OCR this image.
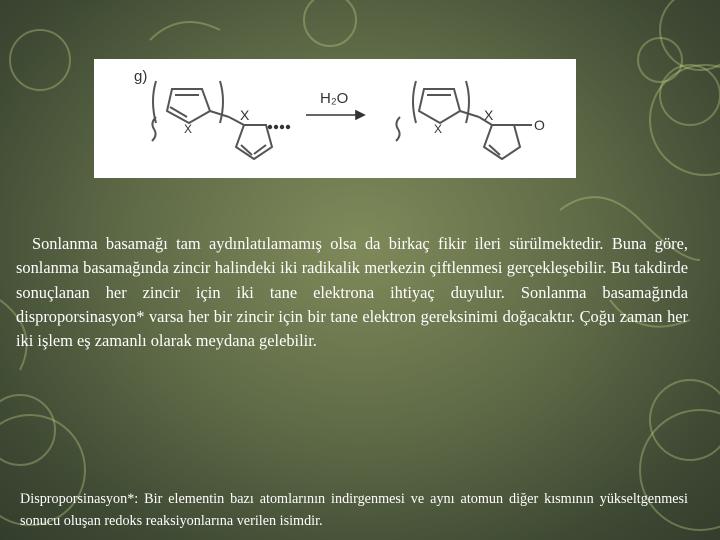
g)
X
X
H₂O
X
X	O

Sonlanma basamağı tam aydınlatılamamış olsa da birkaç fikir ileri sürülmektedir. Buna göre, sonlanma basamağında zincir halindeki iki radikalik merkezin çiftlenmesi gerçekleşebilir. Bu takdirde sonuçlanan her zincir için iki tane elektrona ihtiyaç duyulur. Sonlanma basamağında disproporsinasyon* varsa her bir zincir için bir tane elektron gereksinimi doğacaktır. Çoğu zaman her iki işlem eş zamanlı olarak meydana gelebilir.

Disproporsinasyon*: Bir elementin bazı atomlarının indirgenmesi ve aynı atomun diğer kısmının yükseltgenmesi sonucu oluşan redoks reaksiyonlarına verilen isimdir.
